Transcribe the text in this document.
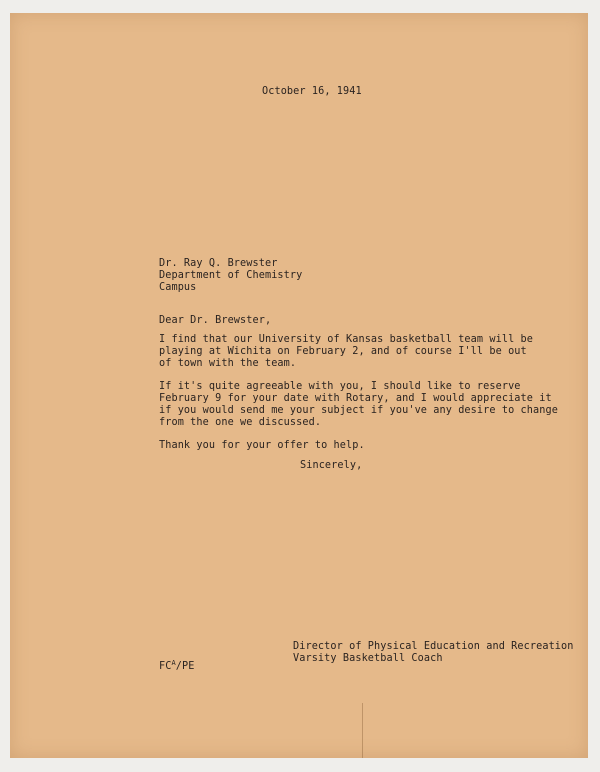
October 16, 1941
Dr. Ray Q. Brewster
Department of Chemistry
Campus
Dear Dr. Brewster,
I find that our University of Kansas basketball team will be
playing at Wichita on February 2, and of course I'll be out
of town with the team.
If it's quite agreeable with you, I should like to reserve
February 9 for your date with Rotary, and I would appreciate it
if you would send me your subject if you've any desire to change
from the one we discussed.
Thank you for your offer to help.
Sincerely,
$FC^A/PE$
Director of Physical Education and Recreation
Varsity Basketball Coach
